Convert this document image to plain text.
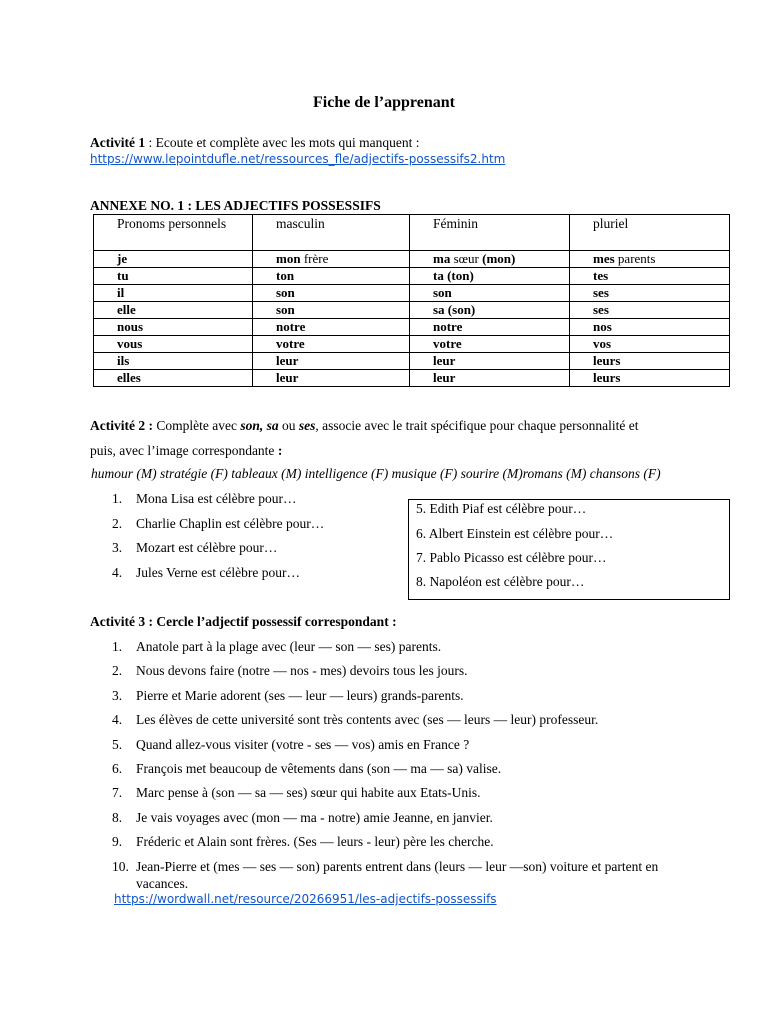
Fiche de l’apprenant
Activité 1 : Ecoute et complète avec les mots qui manquent :
https://www.lepointdufle.net/ressources_fle/adjectifs-possessifs2.htm
ANNEXE NO. 1 : LES ADJECTIFS POSSESSIFS
Pronoms personnels	masculin	Féminin	pluriel
je	mon frère	ma sœur (mon)	mes parents
tu	ton	ta (ton)	tes
il	son	son	ses
elle	son	sa (son)	ses
nous	notre	notre	nos
vous	votre	votre	vos
ils	leur	leur	leurs
elles	leur	leur	leurs
Activité 2 : Complète avec son, sa ou ses, associe avec le trait spécifique pour chaque personnalité et
puis, avec l’image correspondante :
humour (M) stratégie (F) tableaux (M) intelligence (F) musique (F) sourire (M)romans (M) chansons (F)
1. Mona Lisa est célèbre pour…
2. Charlie Chaplin est célèbre pour…
3. Mozart est célèbre pour…
4. Jules Verne est célèbre pour…
5. Edith Piaf est célèbre pour…
6. Albert Einstein est célèbre pour…
7. Pablo Picasso est célèbre pour…
8. Napoléon est célèbre pour…
Activité 3 : Cercle l’adjectif possessif correspondant :
1. Anatole part à la plage avec (leur — son — ses) parents.
2. Nous devons faire (notre — nos - mes) devoirs tous les jours.
3. Pierre et Marie adorent (ses — leur — leurs) grands-parents.
4. Les élèves de cette université sont très contents avec (ses — leurs — leur) professeur.
5. Quand allez-vous visiter (votre - ses — vos) amis en France ?
6. François met beaucoup de vêtements dans (son — ma — sa) valise.
7. Marc pense à (son — sa — ses) sœur qui habite aux Etats-Unis.
8. Je vais voyages avec (mon — ma - notre) amie Jeanne, en janvier.
9. Fréderic et Alain sont frères. (Ses — leurs - leur) père les cherche.
10. Jean-Pierre et (mes — ses — son) parents entrent dans (leurs — leur —son) voiture et partent en vacances.
https://wordwall.net/resource/20266951/les-adjectifs-possessifs
